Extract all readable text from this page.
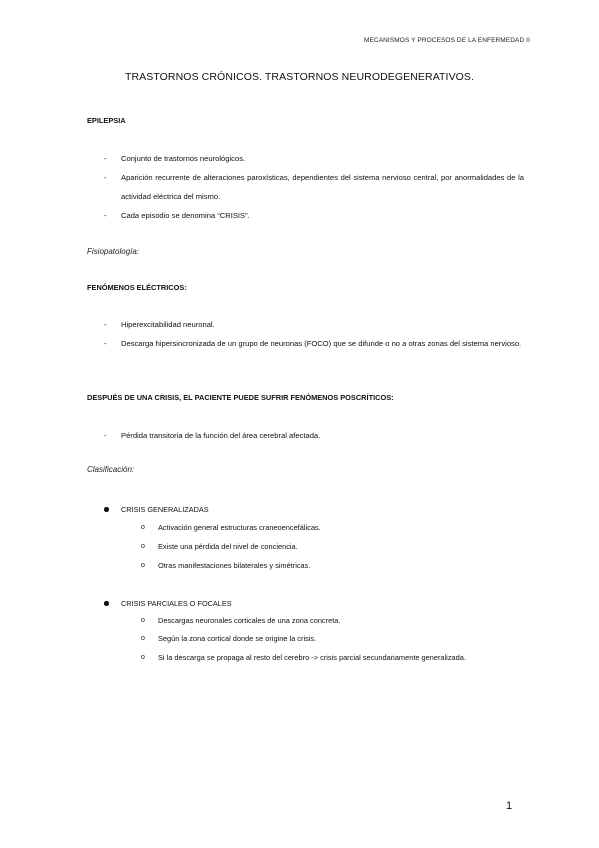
MECANISMOS Y PROCESOS DE LA ENFERMEDAD II
TRASTORNOS CRÓNICOS. TRASTORNOS NEURODEGENERATIVOS.
EPILEPSIA
- Conjunto de trastornos neurológicos.
- Aparición recurrente de alteraciones paroxísticas, dependientes del sistema nervioso central, por anormalidades de la actividad eléctrica del mismo.
- Cada episodio se denomina “CRISIS”.
Fisiopatología:
FENÓMENOS ELÉCTRICOS:
- Hiperexcitabilidad neuronal.
- Descarga hipersincronizada de un grupo de neuronas (FOCO) que se difunde o no a otras zonas del sistema nervioso.
DESPUÉS DE UNA CRISIS, EL PACIENTE PUEDE SUFRIR FENÓMENOS POSCRÍTICOS:
- Pérdida transitoria de la función del área cerebral afectada.
Clasificación:
CRISIS GENERALIZADAS
o Activación general estructuras craneoencefálicas.
o Existe una pérdida del nivel de conciencia.
o Otras manifestaciones bilaterales y simétricas.
CRISIS PARCIALES O FOCALES
o Descargas neuronales corticales de una zona concreta.
o Según la zona cortical donde se origine la crisis.
o Si la descarga se propaga al resto del cerebro -> crisis parcial secundariamente generalizada.
1
